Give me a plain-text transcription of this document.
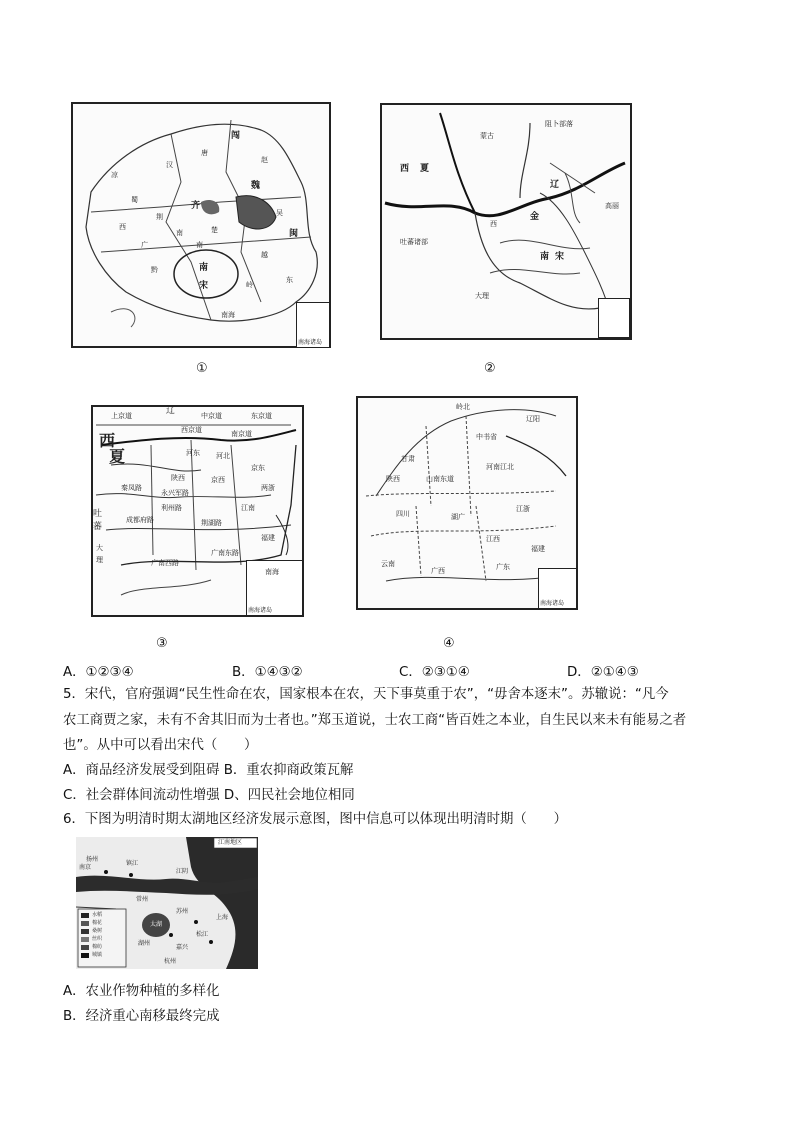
闯
唐
魏
蜀
吴
齐
荆
南	楚
南
闽
汉
赵
凉
西
越
广
黔	南
宋
东
岭
南海
南海诸岛
①
阻卜部落
西 夏
辽
吐蕃诸部
大理
南 宋
西
金
蒙古
高丽
②
辽
上京道	中京道	东京道
西
夏
西京道	南京道
河北
河东
陕西	京西
京东
吐
蕃
秦凤路
永兴军路
成都府路
利州路
荆湖路
江南
两浙
福建
广南东路
广南西路
大
理
南海
南海诸岛
③
中书省
辽阳
岭北
甘肃
陕西
河南江北
山南东道
四川	湖广
江浙
江西
云南
福建
广东
广西
南海诸岛
④
A．①②③④	B．①④③②	C．②③①④	D．②①④③
5．宋代，官府强调“民生性命在农，国家根本在农，天下事莫重于农”，“毋舍本逐末”。苏辙说：“凡今
农工商贾之家，未有不舍其旧而为士者也。”郑玉道说，士农工商“皆百姓之本业，自生民以来未有能易之者
也”。从中可以看出宋代（　　）
A．商品经济发展受到阻碍 B．重农抑商政策瓦解
C．社会群体间流动性增强 D、四民社会地位相同
6．下图为明清时期太湖地区经济发展示意图，图中信息可以体现出明清时期（　　）
江南地区
扬州
镇江
江阴
常州
苏州
太湖
湖州
嘉兴
杭州
松江
上海
南京
水稻
棉花
桑树
丝织
棉纺
城镇
A．农业作物种植的多样化
B．经济重心南移最终完成
